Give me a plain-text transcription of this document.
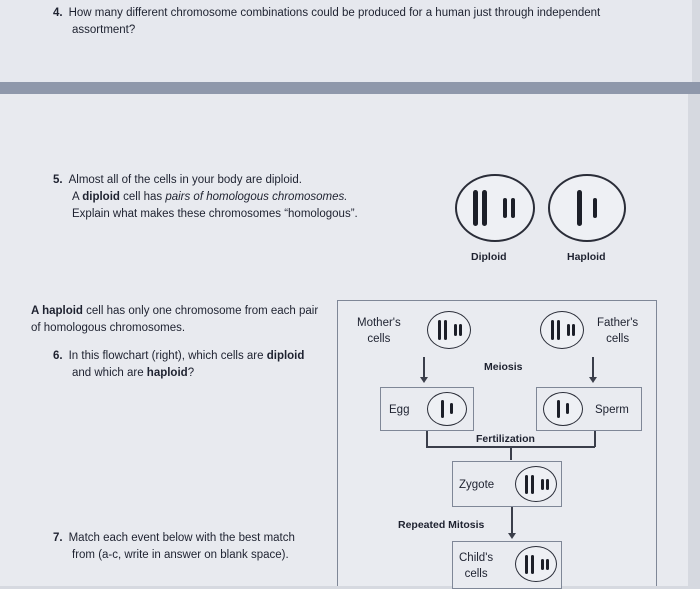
4. How many different chromosome combinations could be produced for a human just through independent
assortment?
5. Almost all of the cells in your body are diploid.
A diploid cell has pairs of homologous chromosomes.
Explain what makes these chromosomes “homologous”.
Diploid	Haploid
A haploid cell has only one chromosome from each pair
of homologous chromosomes.
6. In this flowchart (right), which cells are diploid
and which are haploid?
7. Match each event below with the best match
from (a-c, write in answer on blank space).
Mother's
cells
Father's
cells
Meiosis
Egg	Sperm
Fertilization
Zygote
Repeated Mitosis
Child's
cells
